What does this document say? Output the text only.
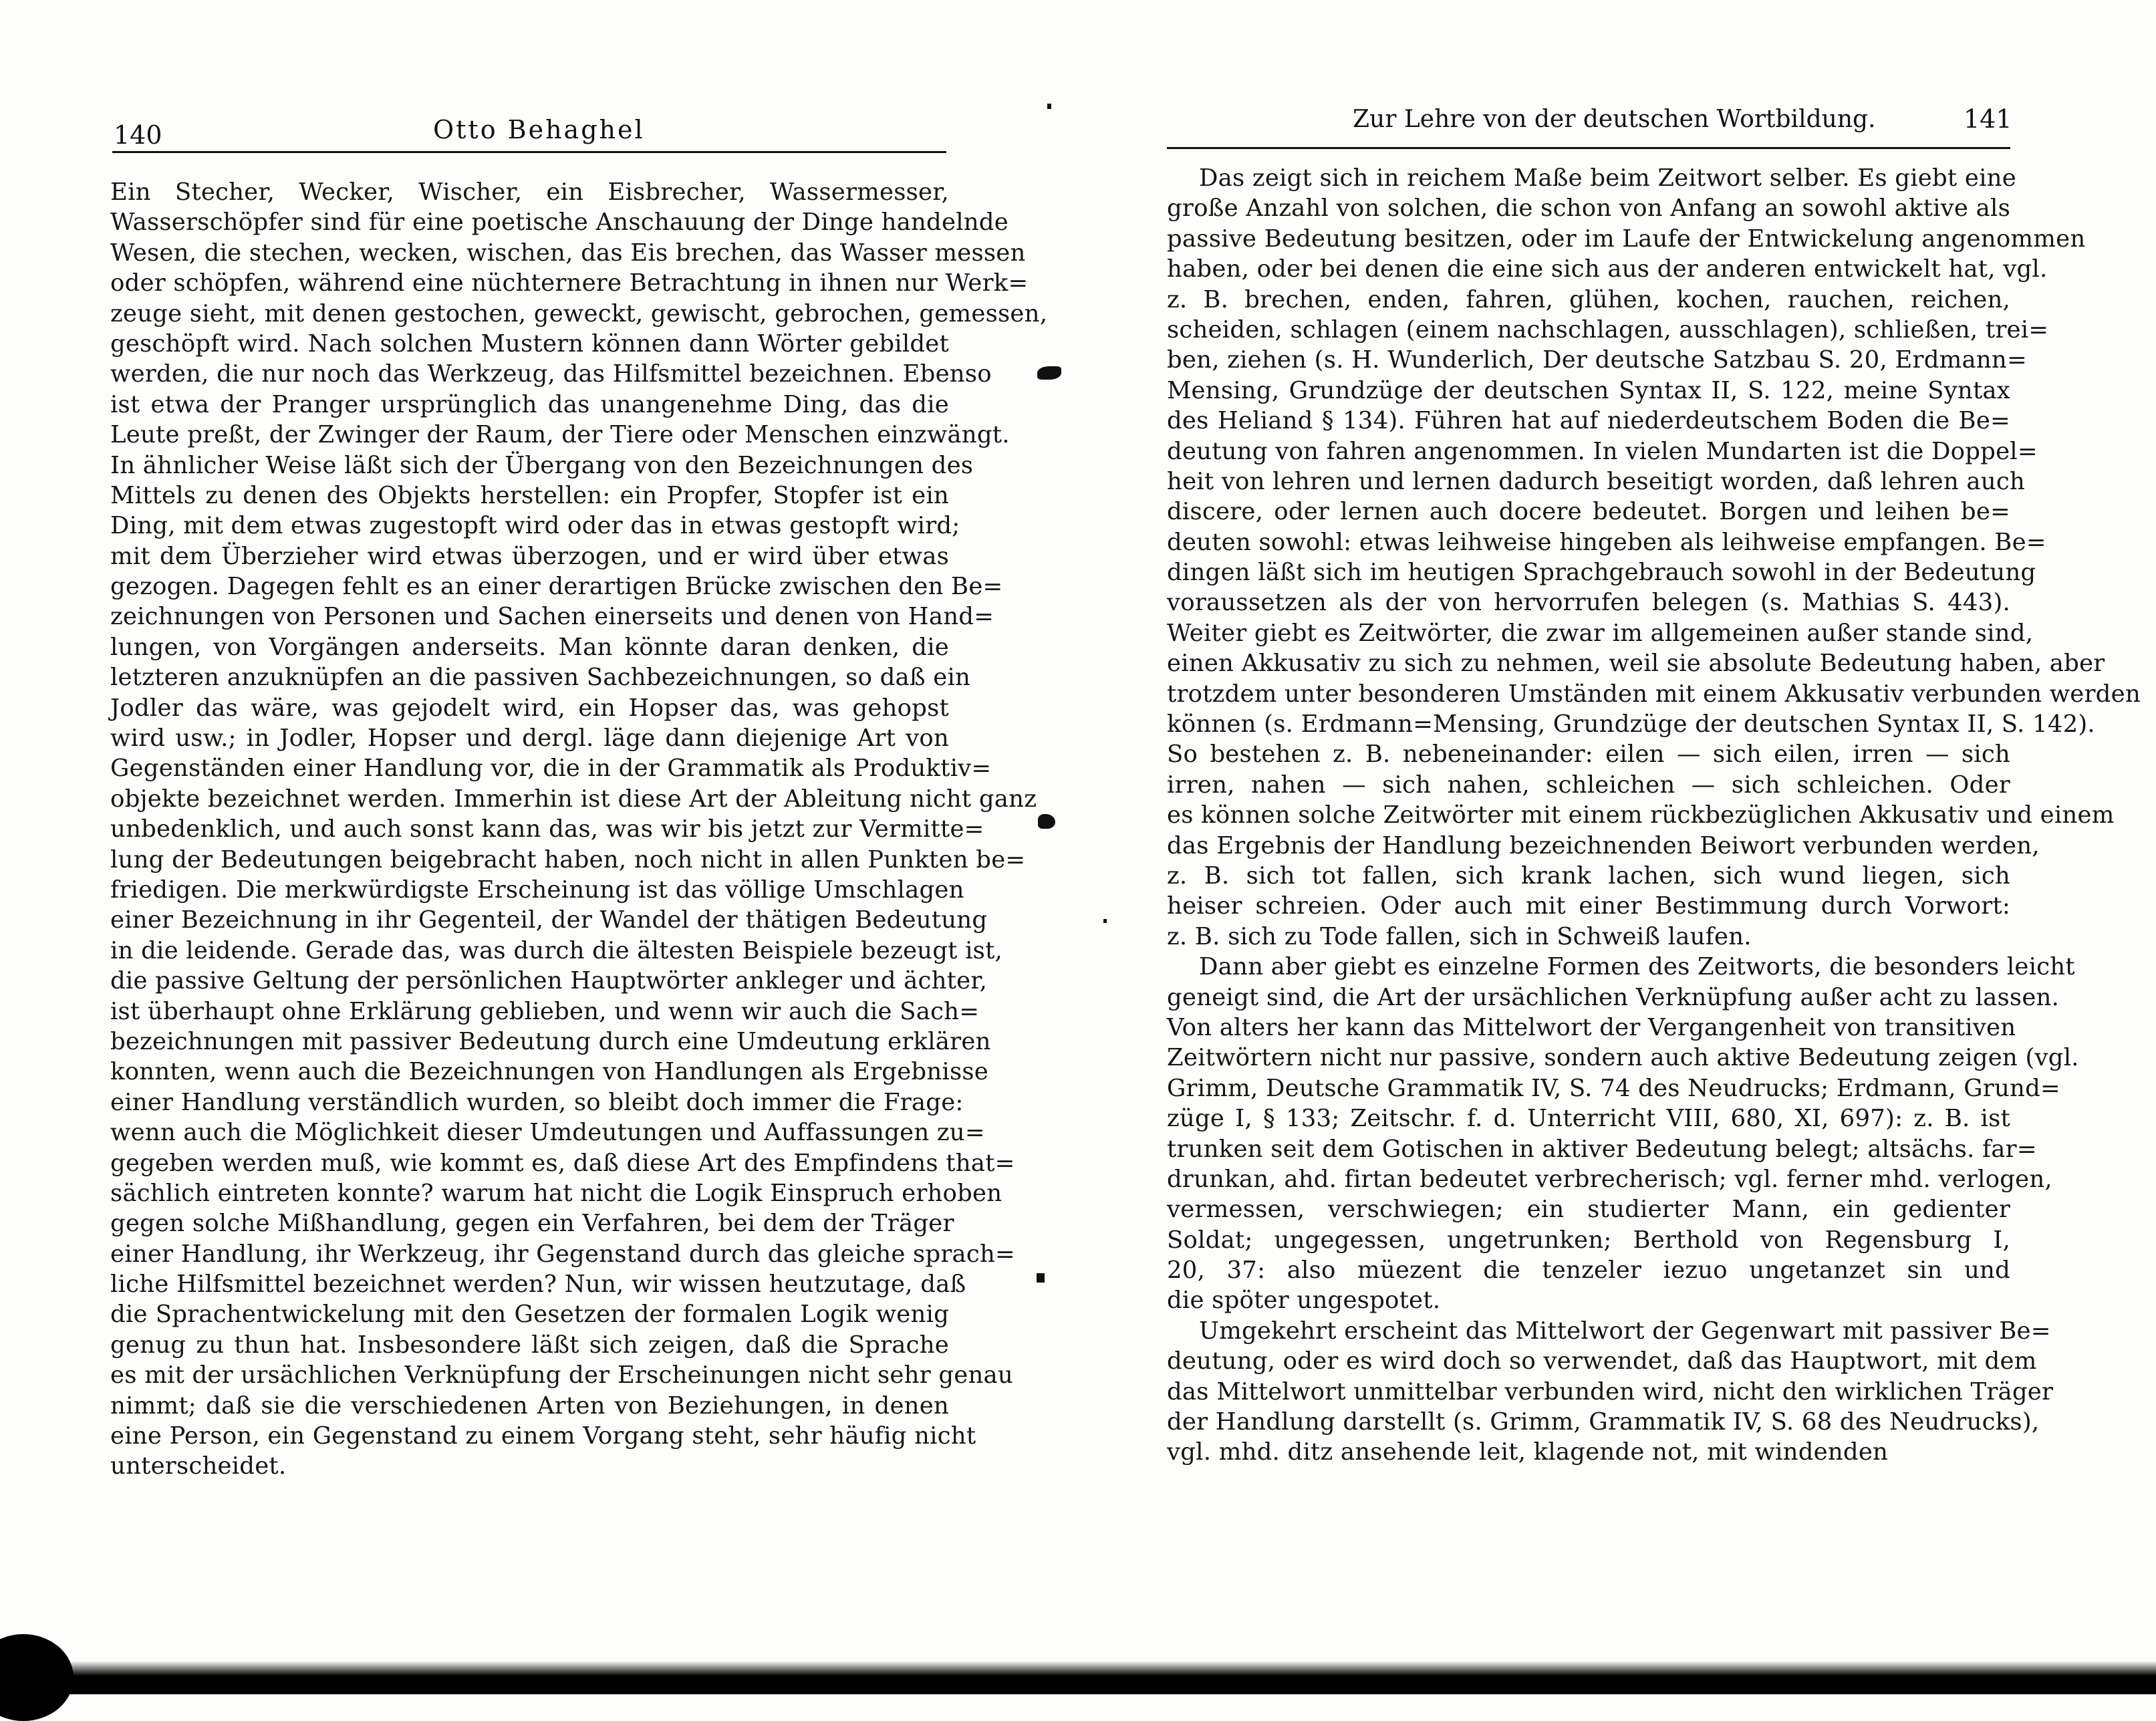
140	Otto Behaghel
Ein Stecher, Wecker, Wischer, ein Eisbrecher, Wassermesser,
Wasserschöpfer sind für eine poetische Anschauung der Dinge handelnde
Wesen, die stechen, wecken, wischen, das Eis brechen, das Wasser messen
oder schöpfen, während eine nüchternere Betrachtung in ihnen nur Werk=
zeuge sieht, mit denen gestochen, geweckt, gewischt, gebrochen, gemessen,
geschöpft wird. Nach solchen Mustern können dann Wörter gebildet
werden, die nur noch das Werkzeug, das Hilfsmittel bezeichnen. Ebenso
ist etwa der Pranger ursprünglich das unangenehme Ding, das die
Leute preßt, der Zwinger der Raum, der Tiere oder Menschen einzwängt.
In ähnlicher Weise läßt sich der Übergang von den Bezeichnungen des
Mittels zu denen des Objekts herstellen: ein Propfer, Stopfer ist ein
Ding, mit dem etwas zugestopft wird oder das in etwas gestopft wird;
mit dem Überzieher wird etwas überzogen, und er wird über etwas
gezogen. Dagegen fehlt es an einer derartigen Brücke zwischen den Be=
zeichnungen von Personen und Sachen einerseits und denen von Hand=
lungen, von Vorgängen anderseits. Man könnte daran denken, die
letzteren anzuknüpfen an die passiven Sachbezeichnungen, so daß ein
Jodler das wäre, was gejodelt wird, ein Hopser das, was gehopst
wird usw.; in Jodler, Hopser und dergl. läge dann diejenige Art von
Gegenständen einer Handlung vor, die in der Grammatik als Produktiv=
objekte bezeichnet werden. Immerhin ist diese Art der Ableitung nicht ganz
unbedenklich, und auch sonst kann das, was wir bis jetzt zur Vermitte=
lung der Bedeutungen beigebracht haben, noch nicht in allen Punkten be=
friedigen. Die merkwürdigste Erscheinung ist das völlige Umschlagen
einer Bezeichnung in ihr Gegenteil, der Wandel der thätigen Bedeutung
in die leidende. Gerade das, was durch die ältesten Beispiele bezeugt ist,
die passive Geltung der persönlichen Hauptwörter ankleger und ächter,
ist überhaupt ohne Erklärung geblieben, und wenn wir auch die Sach=
bezeichnungen mit passiver Bedeutung durch eine Umdeutung erklären
konnten, wenn auch die Bezeichnungen von Handlungen als Ergebnisse
einer Handlung verständlich wurden, so bleibt doch immer die Frage:
wenn auch die Möglichkeit dieser Umdeutungen und Auffassungen zu=
gegeben werden muß, wie kommt es, daß diese Art des Empfindens that=
sächlich eintreten konnte? warum hat nicht die Logik Einspruch erhoben
gegen solche Mißhandlung, gegen ein Verfahren, bei dem der Träger
einer Handlung, ihr Werkzeug, ihr Gegenstand durch das gleiche sprach=
liche Hilfsmittel bezeichnet werden? Nun, wir wissen heutzutage, daß
die Sprachentwickelung mit den Gesetzen der formalen Logik wenig
genug zu thun hat. Insbesondere läßt sich zeigen, daß die Sprache
es mit der ursächlichen Verknüpfung der Erscheinungen nicht sehr genau
nimmt; daß sie die verschiedenen Arten von Beziehungen, in denen
eine Person, ein Gegenstand zu einem Vorgang steht, sehr häufig nicht
unterscheidet.
Zur Lehre von der deutschen Wortbildung.	141
Das zeigt sich in reichem Maße beim Zeitwort selber. Es giebt eine
große Anzahl von solchen, die schon von Anfang an sowohl aktive als
passive Bedeutung besitzen, oder im Laufe der Entwickelung angenommen
haben, oder bei denen die eine sich aus der anderen entwickelt hat, vgl.
z. B. brechen, enden, fahren, glühen, kochen, rauchen, reichen,
scheiden, schlagen (einem nachschlagen, ausschlagen), schließen, trei=
ben, ziehen (s. H. Wunderlich, Der deutsche Satzbau S. 20, Erdmann=
Mensing, Grundzüge der deutschen Syntax II, S. 122, meine Syntax
des Heliand § 134). Führen hat auf niederdeutschem Boden die Be=
deutung von fahren angenommen. In vielen Mundarten ist die Doppel=
heit von lehren und lernen dadurch beseitigt worden, daß lehren auch
discere, oder lernen auch docere bedeutet. Borgen und leihen be=
deuten sowohl: etwas leihweise hingeben als leihweise empfangen. Be=
dingen läßt sich im heutigen Sprachgebrauch sowohl in der Bedeutung
voraussetzen als der von hervorrufen belegen (s. Mathias S. 443).
Weiter giebt es Zeitwörter, die zwar im allgemeinen außer stande sind,
einen Akkusativ zu sich zu nehmen, weil sie absolute Bedeutung haben, aber
trotzdem unter besonderen Umständen mit einem Akkusativ verbunden werden
können (s. Erdmann=Mensing, Grundzüge der deutschen Syntax II, S. 142).
So bestehen z. B. nebeneinander: eilen — sich eilen, irren — sich
irren, nahen — sich nahen, schleichen — sich schleichen. Oder
es können solche Zeitwörter mit einem rückbezüglichen Akkusativ und einem
das Ergebnis der Handlung bezeichnenden Beiwort verbunden werden,
z. B. sich tot fallen, sich krank lachen, sich wund liegen, sich
heiser schreien. Oder auch mit einer Bestimmung durch Vorwort:
z. B. sich zu Tode fallen, sich in Schweiß laufen.
Dann aber giebt es einzelne Formen des Zeitworts, die besonders leicht
geneigt sind, die Art der ursächlichen Verknüpfung außer acht zu lassen.
Von alters her kann das Mittelwort der Vergangenheit von transitiven
Zeitwörtern nicht nur passive, sondern auch aktive Bedeutung zeigen (vgl.
Grimm, Deutsche Grammatik IV, S. 74 des Neudrucks; Erdmann, Grund=
züge I, § 133; Zeitschr. f. d. Unterricht VIII, 680, XI, 697): z. B. ist
trunken seit dem Gotischen in aktiver Bedeutung belegt; altsächs. far=
drunkan, ahd. firtan bedeutet verbrecherisch; vgl. ferner mhd. verlogen,
vermessen, verschwiegen; ein studierter Mann, ein gedienter
Soldat; ungegessen, ungetrunken; Berthold von Regensburg I,
20, 37: also müezent die tenzeler iezuo ungetanzet sin und
die spöter ungespotet.
Umgekehrt erscheint das Mittelwort der Gegenwart mit passiver Be=
deutung, oder es wird doch so verwendet, daß das Hauptwort, mit dem
das Mittelwort unmittelbar verbunden wird, nicht den wirklichen Träger
der Handlung darstellt (s. Grimm, Grammatik IV, S. 68 des Neudrucks),
vgl. mhd. ditz ansehende leit, klagende not, mit windenden
